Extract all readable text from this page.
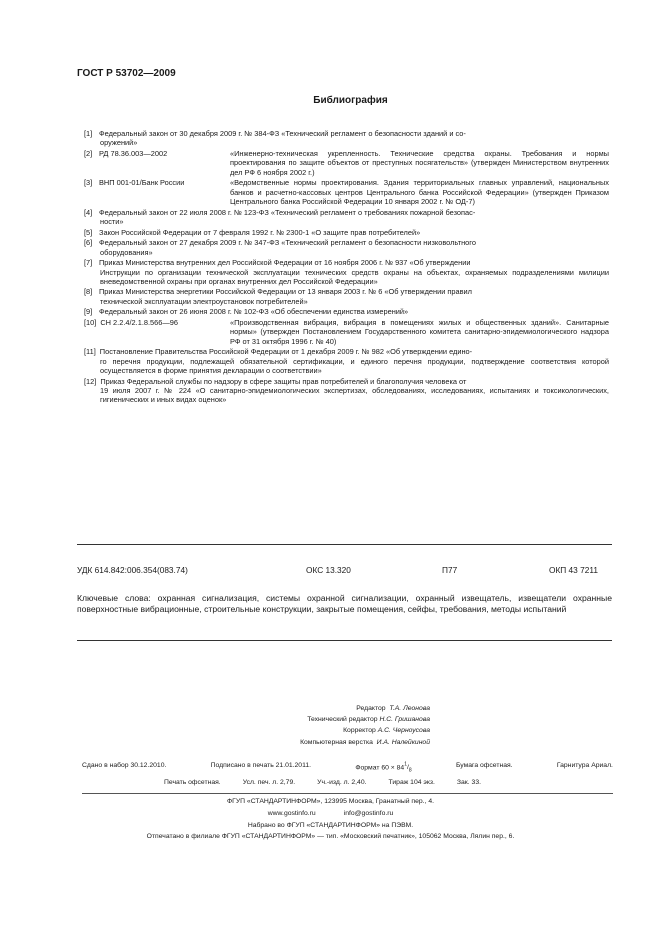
ГОСТ Р 53702—2009
Библиография
[1] Федеральный закон от 30 декабря 2009 г. № 384-ФЗ «Технический регламент о безопасности зданий и со-
оружений»
[2] РД 78.36.003—2002	«Инженерно-техническая укрепленность. Технические средства охраны. Требования и нормы проектирования по защите объектов от преступных посягательств» (утвержден Министерством внутренних дел РФ 6 ноября 2002 г.)
[3] ВНП 001-01/Банк России	«Ведомственные нормы проектирования. Здания территориальных главных управлений, национальных банков и расчетно-кассовых центров Центрального банка Российской Федерации» (утвержден Приказом Центрального банка Российской Федерации 10 января 2002 г. № ОД-7)
[4] Федеральный закон от 22 июля 2008 г. № 123-ФЗ «Технический регламент о требованиях пожарной безопас-
ности»
[5] Закон Российской Федерации от 7 февраля 1992 г. № 2300-1 «О защите прав потребителей»
[6] Федеральный закон от 27 декабря 2009 г. № 347-ФЗ «Технический регламент о безопасности низковольтного
оборудования»
[7] Приказ Министерства внутренних дел Российской Федерации от 16 ноября 2006 г. № 937 «Об утверждении
Инструкции по организации технической эксплуатации технических средств охраны на объектах, охраняемых подразделениями милиции вневедомственной охраны при органах внутренних дел Российской Федерации»
[8] Приказ Министерства энергетики Российской Федерации от 13 января 2003 г. № 6 «Об утверждении правил
технической эксплуатации электроустановок потребителей»
[9] Федеральный закон от 26 июня 2008 г. № 102-ФЗ «Об обеспечении единства измерений»
[10] СН 2.2.4/2.1.8.566—96	«Производственная вибрация, вибрация в помещениях жилых и общественных зданий». Санитарные нормы» (утвержден Постановлением Государственного комитета санитарно-эпидемиологического надзора РФ от 31 октября 1996 г. № 40)
[11] Постановление Правительства Российской Федерации от 1 декабря 2009 г. № 982 «Об утверждении едино-
го перечня продукции, подлежащей обязательной сертификации, и единого перечня продукции, подтверждение соответствия которой осуществляется в форме принятия декларации о соответствии»
[12] Приказ Федеральной службы по надзору в сфере защиты прав потребителей и благополучия человека от
19 июля 2007 г. № 224 «О санитарно-эпидемиологических экспертизах, обследованиях, исследованиях, испытаниях и токсикологических, гигиенических и иных видах оценок»
УДК 614.842:006.354(083.74)	ОКС 13.320	П77	ОКП 43 7211
Ключевые слова: охранная сигнализация, системы охранной сигнализации, охранный извещатель, извещатели охранные поверхностные вибрационные, строительные конструкции, закрытые помещения, сейфы, требования, методы испытаний
Редактор Т.А. Леонова
Технический редактор Н.С. Гришанова
Корректор А.С. Черноусова
Компьютерная верстка И.А. Налейкиной
Сдано в набор 30.12.2010.	Подписано в печать 21.01.2011.	Формат $60 \times 84^1/_8$
Бумага офсетная.	Гарнитура Ариал.
Печать офсетная.	Усл. печ. л. 2,79.	Уч.-изд. л. 2,40.	Тираж 104 экз.	Зак. 33.
ФГУП «СТАНДАРТИНФОРМ», 123995 Москва, Гранатный пер., 4.
www.gostinfo.ru	info@gostinfo.ru
Набрано во ФГУП «СТАНДАРТИНФОРМ» на ПЭВМ.
Отпечатано в филиале ФГУП «СТАНДАРТИНФОРМ» — тип. «Московский печатник», 105062 Москва, Лялин пер., 6.
